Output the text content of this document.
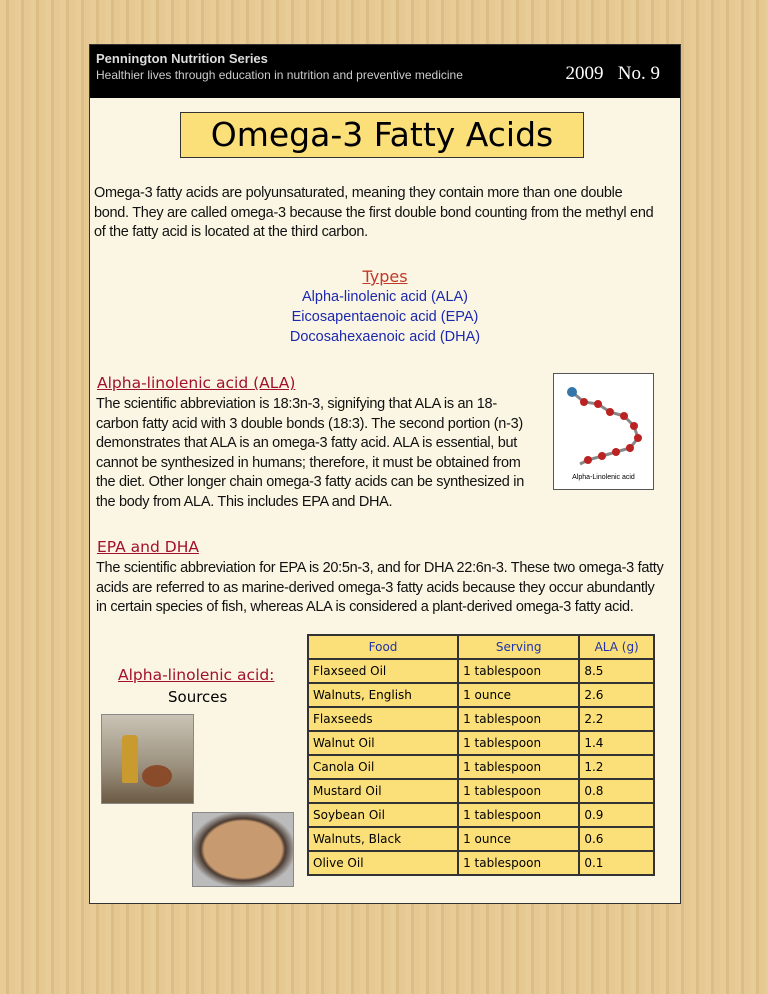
Pennington Nutrition Series
Healthier lives through education in nutrition and preventive medicine	2009   No. 9
Omega-3 Fatty Acids
Omega-3 fatty acids are polyunsaturated, meaning they contain more than one double bond. They are called omega-3 because the first double bond counting from the methyl end of the fatty acid is located at the third carbon.
Types
Alpha-linolenic acid (ALA)
Eicosapentaenoic acid (EPA)
Docosahexaenoic acid (DHA)
Alpha-linolenic acid (ALA)
The scientific abbreviation is 18:3n-3, signifying that ALA is an 18-carbon fatty acid with 3 double bonds (18:3). The second portion (n-3) demonstrates that ALA is an omega-3 fatty acid. ALA is essential, but cannot be synthesized in humans; therefore, it must be obtained from the diet. Other longer chain omega-3 fatty acids can be synthesized in the body from ALA. This includes EPA and DHA.
Alpha-Linolenic acid
EPA and DHA
The scientific abbreviation for EPA is 20:5n-3, and for DHA 22:6n-3. These two omega-3 fatty acids are referred to as marine-derived omega-3 fatty acids because they occur abundantly in certain species of fish, whereas ALA is considered a plant-derived omega-3 fatty acid.
Alpha-linolenic acid:
Sources
Food	Serving	ALA (g)
Flaxseed Oil	1 tablespoon	8.5
Walnuts, English	1 ounce	2.6
Flaxseeds	1 tablespoon	2.2
Walnut Oil	1 tablespoon	1.4
Canola Oil	1 tablespoon	1.2
Mustard Oil	1 tablespoon	0.8
Soybean Oil	1 tablespoon	0.9
Walnuts, Black	1 ounce	0.6
Olive Oil	1 tablespoon	0.1
